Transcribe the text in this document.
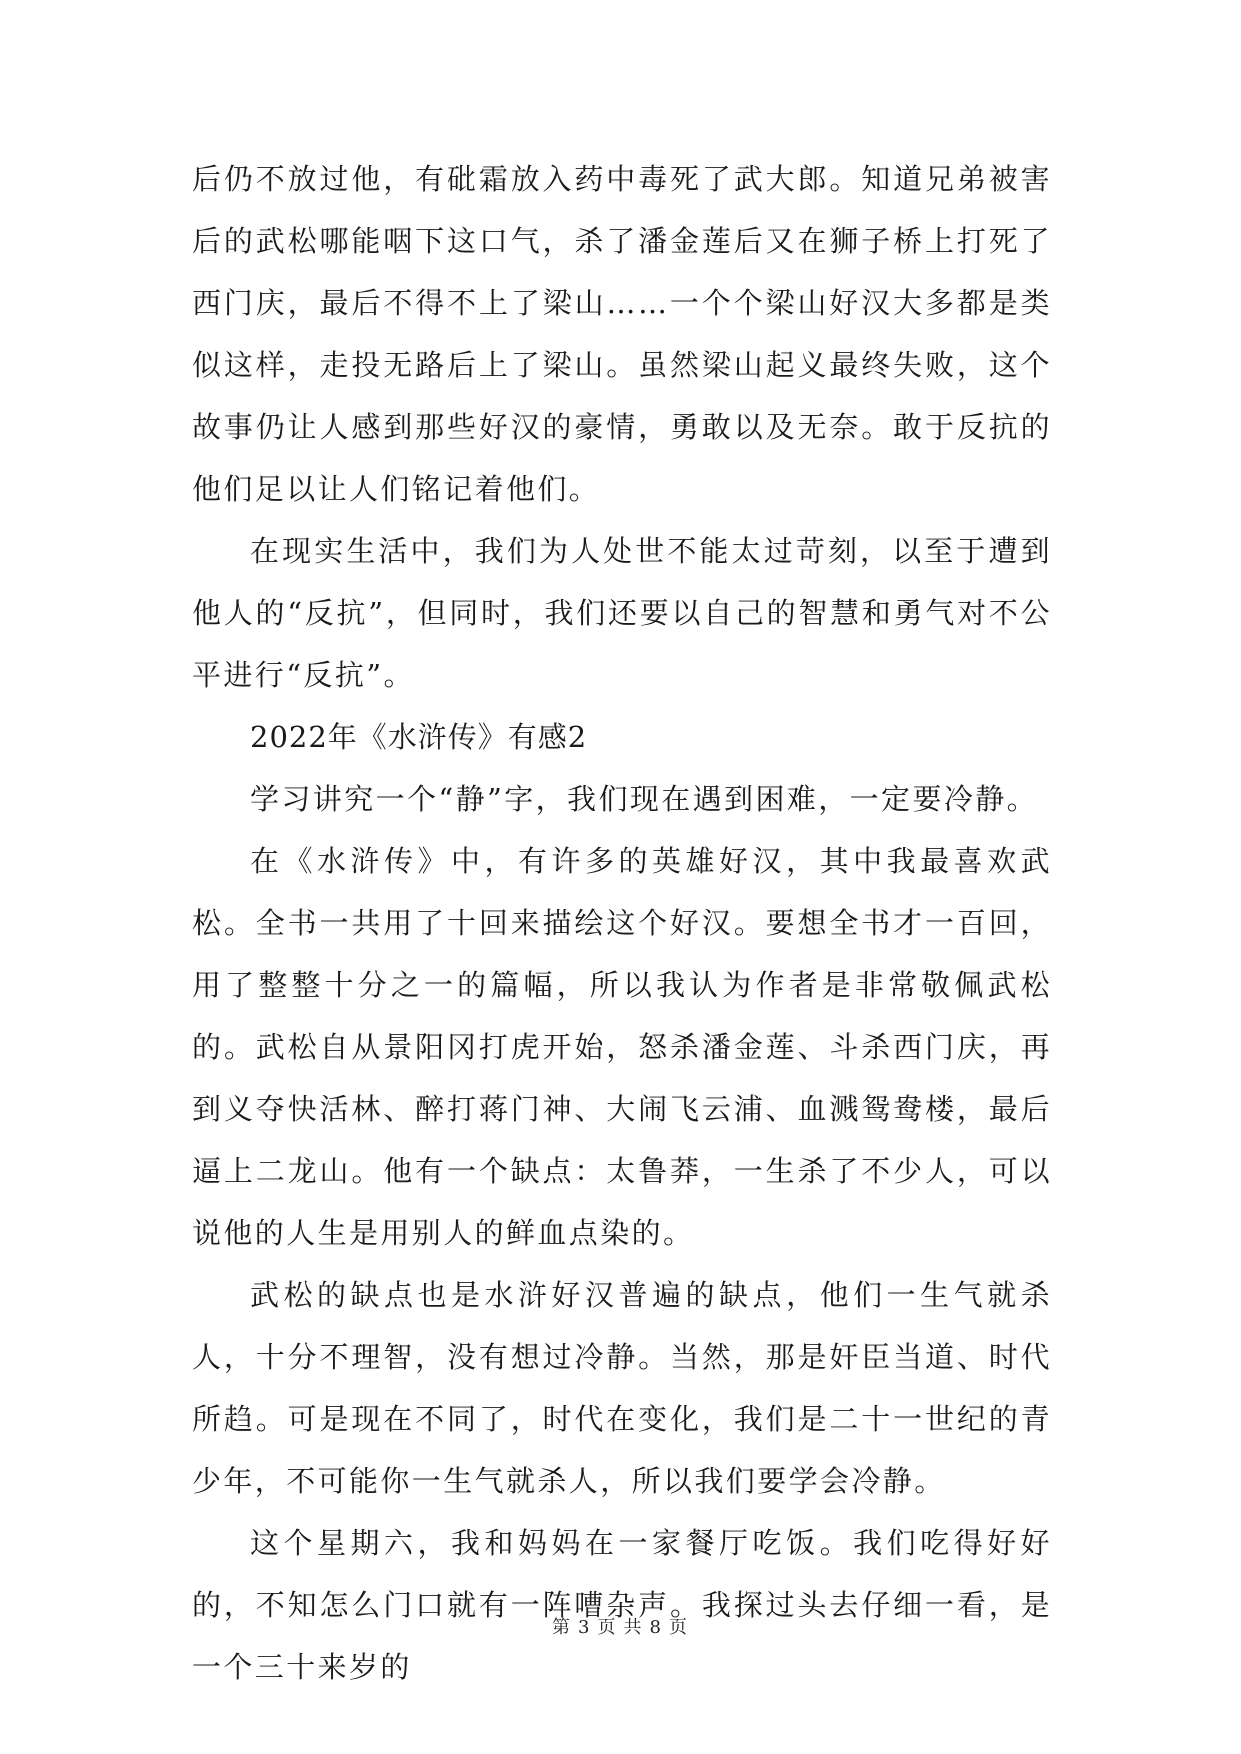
后仍不放过他，有砒霜放入药中毒死了武大郎。知道兄弟被害后的武松哪能咽下这口气，杀了潘金莲后又在狮子桥上打死了西门庆，最后不得不上了梁山……一个个梁山好汉大多都是类似这样，走投无路后上了梁山。虽然梁山起义最终失败，这个故事仍让人感到那些好汉的豪情，勇敢以及无奈。敢于反抗的他们足以让人们铭记着他们。

在现实生活中，我们为人处世不能太过苛刻，以至于遭到他人的“反抗”，但同时，我们还要以自己的智慧和勇气对不公平进行“反抗”。

2022年《水浒传》有感2

学习讲究一个“静”字，我们现在遇到困难，一定要冷静。

在《水浒传》中，有许多的英雄好汉，其中我最喜欢武松。全书一共用了十回来描绘这个好汉。要想全书才一百回，用了整整十分之一的篇幅，所以我认为作者是非常敬佩武松的。武松自从景阳冈打虎开始，怒杀潘金莲、斗杀西门庆，再到义夺快活林、醉打蒋门神、大闹飞云浦、血溅鸳鸯楼，最后逼上二龙山。他有一个缺点：太鲁莽，一生杀了不少人，可以说他的人生是用别人的鲜血点染的。

武松的缺点也是水浒好汉普遍的缺点，他们一生气就杀人，十分不理智，没有想过冷静。当然，那是奸臣当道、时代所趋。可是现在不同了，时代在变化，我们是二十一世纪的青少年，不可能你一生气就杀人，所以我们要学会冷静。

这个星期六，我和妈妈在一家餐厅吃饭。我们吃得好好的，不知怎么门口就有一阵嘈杂声。我探过头去仔细一看，是一个三十来岁的

第 3 页 共 8 页
